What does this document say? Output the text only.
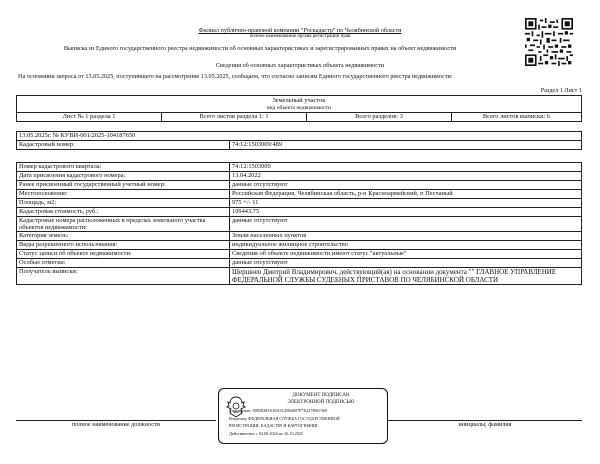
Филиал публично-правовой компании "Роскадастр" по Челябинской области
полное наименование органа регистрации прав
Выписка из Единого государственного реестра недвижимости об основных характеристиках и зарегистрированных правах на объект недвижимости
Сведения об основных характеристиках объекта недвижимости
На основании запроса от 13.05.2025, поступившего на рассмотрение 13.05.2025, сообщаем, что согласно записям Единого государственного реестра недвижимости:
Раздел 1 Лист 1
Земельный участок
вид объекта недвижимости
Лист № 1 раздела 1	Всего листов раздела 1: 1	Всего разделов: 3	Всего листов выписки: 6
13.05.2025г. № КУВИ-001/2025-104187650
Кадастровый номер:	74:12:1503009:489
Номер кадастрового квартала:	74:12:1503009
Дата присвоения кадастрового номера:	13.04.2022
Ранее присвоенный государственный учетный номер:	данные отсутствуют
Местоположение:	Российская Федерация, Челябинская область, р-н Красноармейский, п Песчаный
Площадь, м2:	975 +/- 11
Кадастровая стоимость, руб.:	109443.75
Кадастровые номера расположенных в пределах земельного участка объектов недвижимости:	данные отсутствуют
Категория земель:	Земли населенных пунктов
Виды разрешенного использования:	индивидуальное жилищное строительство
Статус записи об объекте недвижимости:	Сведения об объекте недвижимости имеют статус "актуальные"
Особые отметки:	данные отсутствуют
Получатель выписки:	Шершнев Дмитрий Владимирович, действующий(ая) на основании документа "" ГЛАВНОЕ УПРАВЛЕНИЕ ФЕДЕРАЛЬНОЙ СЛУЖБЫ СУДЕБНЫХ ПРИСТАВОВ ПО ЧЕЛЯБИНСКОЙ ОБЛАСТИ
ДОКУМЕНТ ПОДПИСАН
ЭЛЕКТРОННОЙ ПОДПИСЬЮ
Сертификат: 00958383A38A3C4864697F7E2279067369
Владелец: ФЕДЕРАЛЬНАЯ СЛУЖБА ГОСУДАРСТВЕННОЙ
РЕГИСТРАЦИИ, КАДАСТРА И КАРТОГРАФИИ
Действителен: с 02.08.2024 по 26.10.2025
полное наименование должности	инициалы, фамилия
